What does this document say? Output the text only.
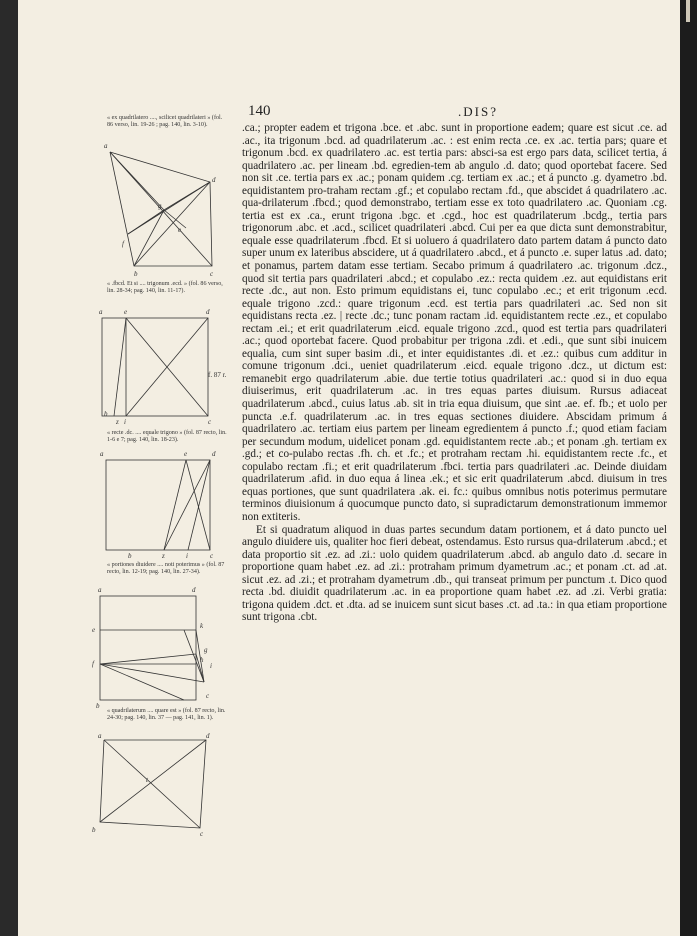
140	.DIS?
« ex quadrilatero ...., scilicet quadrilateri » (fol. 86 verso, lin. 19-26 ; pag. 140, lin. 3-10).
a
d
g
e
f
b	c
« .fbcd. Et si .... trigonum .ecd. » (fol. 86 verso, lin. 28-34; pag. 140, lin. 11-17).
a	e	d
b
z i	c
f. 87 r.
« recte .dc. .... equale trigono » (fol. 87 recto, lin. 1-6 e 7; pag. 140, lin. 18-23).
a	e	d
b	z	i	c
« portiones diuidere .... noti poterimus » (fol. 87 recto, lin. 12-19; pag. 140, lin. 27-34).
a	d
e	k
g
h
i
f
b
c
« quadrilaterum .... quare est » (fol. 87 recto, lin. 24-30; pag. 140, lin. 37 — pag. 141, lin. 1).
a	d
t
b	c

.ca.; propter eadem et trigona .bce. et .abc. sunt in proportione eadem; quare est sicut .ce. ad .ac., ita trigonum .bcd. ad quadrilaterum .ac. : est enim recta .ce. ex .ac. tertia pars; quare et trigonum .bcd. ex quadrilatero .ac. est tertia pars: absci-sa est ergo pars data, scilicet tertia, á quadrilatero .ac. per lineam .bd. egredien-tem ab angulo .d. dato; quod oportebat facere. Sed non sit .ce. tertia pars ex .ac.; ponam quidem .cg. tertiam ex .ac.; et á puncto .g. dyametro .bd. equidistantem pro-traham rectam .gf.; et copulabo rectam .fd., que abscidet á quadrilatero .ac. qua-drilaterum .fbcd.; quod demonstrabo, tertiam esse ex toto quadrilatero .ac. Quoniam .cg. tertia est ex .ca., erunt trigona .bgc. et .cgd., hoc est quadrilaterum .bcdg., tertia pars trigonorum .abc. et .acd., scilicet quadrilateri .abcd. Cui per ea que dicta sunt demonstrabitur, equale esse quadrilaterum .fbcd. Et si uoluero á quadrilatero dato partem datam á puncto dato super unum ex lateribus abscidere, ut á quadrilatero .abcd., et á puncto .e. super latus .ad. dato; et ponamus, partem datam esse tertiam. Secabo primum á quadrilatero .ac. trigonum .dcz., quod sit tertia pars quadrilateri .abcd.; et copulabo .ez.: recta quidem .ez. aut equidistans erit recte .dc., aut non. Esto primum equidistans ei, tunc copulabo .ec.; et erit trigonum .ecd. equale trigono .zcd.: quare trigonum .ecd. est tertia pars quadrilateri .ac. Sed non sit equidistans recta .ez. | recte .dc.; tunc ponam ractam .id. equidistantem recte .ez., et copulabo rectam .ei.; et erit quadrilaterum .eicd. equale trigono .zcd., quod est tertia pars quadrilateri .ac.; quod oportebat facere. Quod probabitur per trigona .zdi. et .edi., que sunt sibi inuicem equalia, cum sint super basim .di., et inter equidistantes .di. et .ez.: quibus cum additur in comune trigonum .dci., ueniet quadrilaterum .eicd. equale trigono .dcz., ut dictum est: remanebit ergo quadrilaterum .abie. due tertie totius quadrilateri .ac.: quod si in duo equa diuiserimus, erit quadrilaterum .ac. in tres equas partes diuisum. Rursus adiaceat quadrilaterum .abcd., cuius latus .ab. sit in tria equa diuisum, que sint .ae. ef. fb.; et uolo per puncta .e.f. quadrilaterum .ac. in tres equas sectiones diuidere. Abscidam primum á quadrilatero .ac. tertiam eius partem per lineam egredientem á puncto .f.; quod etiam faciam per secundum modum, uidelicet ponam .gd. equidistantem recte .ab.; et ponam .gh. tertiam ex .gd.; et co-pulabo rectas .fh. ch. et .fc.; et protraham rectam .hi. equidistantem recte .fc., et copulabo rectam .fi.; et erit quadrilaterum .fbci. tertia pars quadrilateri .ac. Deinde diuidam quadrilaterum .afid. in duo equa á linea .ek.; et sic erit quadrilaterum .abcd. diuisum in tres equas portiones, que sunt quadrilatera .ak. ei. fc.: quibus omnibus notis poterimus permutare terminos diuisionum á quocumque puncto dato, si supradictarum demonstrationum immemor non extiteris.

Et si quadratum aliquod in duas partes secundum datam portionem, et á dato puncto uel angulo diuidere uis, qualiter hoc fieri debeat, ostendamus. Esto rursus qua-drilaterum .abcd.; et data proportio sit .ez. ad .zi.: uolo quidem quadrilaterum .abcd. ab angulo dato .d. secare in proportione quam habet .ez. ad .zi.: protraham primum dyametrum .ac.; et ponam .ct. ad .at. sicut .ez. ad .zi.; et protraham dyametrum .db., qui transeat primum per punctum .t. Dico quod recta .bd. diuidit quadrilaterum .ac. in ea proportione quam habet .ez. ad .zi. Verbi gratia: trigona quidem .dct. et .dta. ad se inuicem sunt sicut bases .ct. ad .ta.: in qua etiam proportione sunt trigona .cbt.
